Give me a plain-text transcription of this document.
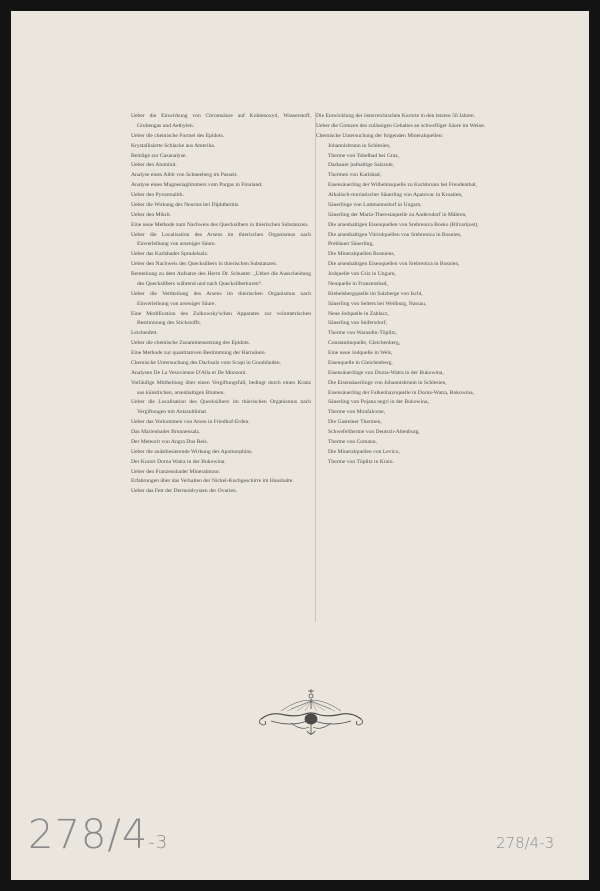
Ueber die Einwirkung von Chromsäure auf Kohlenoxyd, Wasserstoff, Grubengas und Aethylen.

Ueber die chemische Formel des Epidots.

Krystallisierte Schlacke aus Amerika.

Beiträge zur Gasanalyse.

Ueber den Aluminit.

Analyse eines Albit von Schneeberg im Passeir.

Analyse eines Magnesiaglimmers vom Pargas in Finnland.

Ueber den Pyrosmalith.

Ueber die Wirkung des Neurins bei Diphtheritis.

Ueber den Mikrit.

Eine neue Methode zum Nachweis des Quecksilbers in thierischen Substanzen.

Ueber die Localisation des Arsens im thierischen Organismus nach Einverleibung von arseniger Säure.

Ueber das Karlsbader Sprudelsalz.

Ueber den Nachweis des Quecksilbers in thierischen Substanzen.

Bemerkung zu dem Aufsatze des Herrn Dr. Schuster: „Ueber die Ausscheidung des Quecksilbers während und nach Quecksilberkuren“.

Ueber die Vertheilung des Arsens im thierischen Organismus nach Einverleibung von arseniger Säure.

Eine Modification des Zulkowsky'schen Apparates zur volumetrischen Bestimmung des Stickstoffs.

Leichenfett.

Ueber die chemische Zusammensetzung des Epidots.

Eine Methode zur quantitativen Bestimmung der Harnsäure.

Chemische Untersuchung des Dachsalz vom Scopi in Graubünden.

Analysen De La Vesuvienne D'Alla et De Monzoni.

Vorläufige Mittheilung über einen Vergiftungsfall, bedingt durch einen Kranz aus künstlichen, arsenhaltigen Blumen.

Ueber die Localisation des Quecksilbers im thierischen Organismus nach Vergiftungen mit Aetzsublimat.

Ueber das Vorkommen von Arsen in Friedhof-Erden.

Das Marienbader Brunnensalz.

Der Meteorit von Angra Dos Reis.

Ueber die anästhesierende Wirkung des Apomorphins.

Der Kurort Dorna Watra in der Bukowina.

Ueber den Franzensbader Mineralmoor.

Erfahrungen über das Verhalten der Nickel-Kochgeschirre im Haushalte.

Ueber das Fett der Dermoidcysten der Ovarien.

Die Entwicklung der österreichischen Kurorte in den letzten 50 Jahren.

Ueber die Grenzen des zulässigen Gehaltes an schwefliger Säure im Weine.

Chemische Untersuchung der folgenden Mineralquellen:

Johannisbrunn in Schlesien,

Therme von Tobelbad bei Graz,

Darkauer jodhaltige Salzsole,

Thermen von Karlsbad,

Eisensäuerling der Wilhelmsquelle zu Karlsbrunn bei Freudenthal,

Alkalisch-muriatischer Säuerling von Apatovac in Kroatien,

Säuerlinge von Luttmannsdorf in Ungarn,

Säuerling der Maria-Theresiaquelle zu Andersdorf in Mähren,

Die arsenhaltigen Eisenquellen von Srebrenica Bosko (Bilvarijost),

Die arsenhaltigen Vitriolquellen von Srebrenica in Bosnien,

Preblauer Säuerling,

Die Mineralquellen Bosniens,

Die arsenhaltigen Eisenquellen von Srebrenica in Bosnien,

Jodquelle von Csiz in Ungarn,

Neuquelle in Franzensbad,

Klebelsbergquelle im Salzberge von Ischl,

Säuerling von Selters bei Weilburg, Nassau,

Neue Jodquelle in Zablacz,

Säuerling von Seifersdorf,

Therme von Warasdin-Töplitz,

Constantinquelle, Gleichenberg,

Eine neue Jodquelle in Wels,

Eisenquelle in Gleichenberg,

Eisensäuerlinge von Dorna-Watra in der Bukowina,

Die Eisensäuerlinge von Johannisbrunn in Schlesien,

Eisensäuerling der Falkenhaynquelle in Dorna-Watra, Bukowina,

Säuerling von Pojana negri in der Bukowina,

Therme von Monfalcone,

Die Gasteiner Thermen,

Schwefeltherme von Deutsch-Altenburg,

Therme von Comano,

Die Mineralquellen von Levico,

Therme von Töplitz in Krain.

278/4-3	278/4-3
